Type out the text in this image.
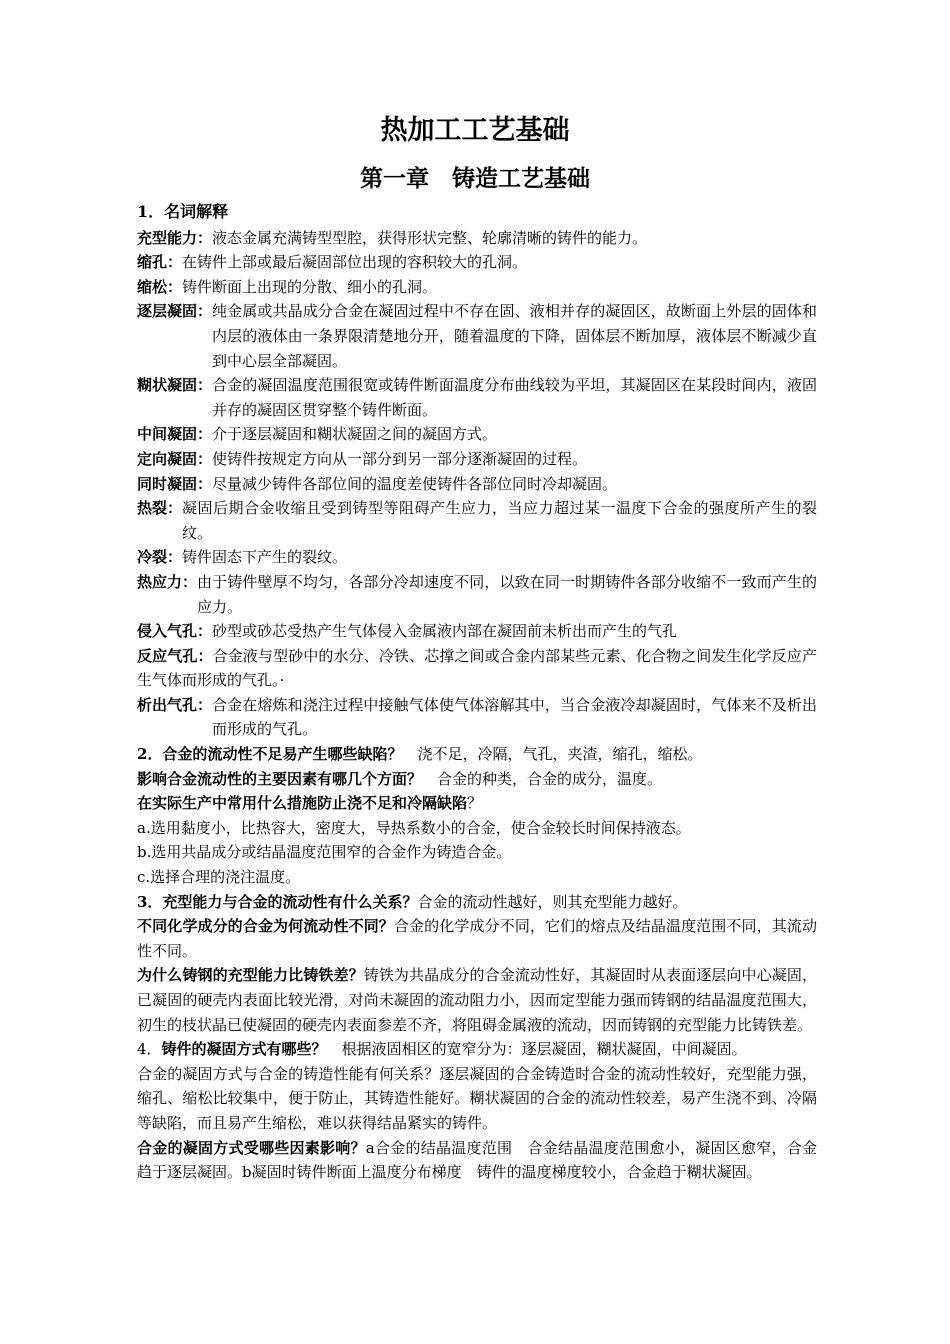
热加工工艺基础
第一章　铸造工艺基础
1．名词解释
充型能力： 液态金属充满铸型型腔，获得形状完整、轮廓清晰的铸件的能力。
缩孔： 在铸件上部或最后凝固部位出现的容积较大的孔洞。
缩松： 铸件断面上出现的分散、细小的孔洞。
逐层凝固： 纯金属或共晶成分合金在凝固过程中不存在固、液相并存的凝固区，故断面上外层的固体和内层的液体由一条界限清楚地分开，随着温度的下降，固体层不断加厚，液体层不断减少直到中心层全部凝固。
糊状凝固： 合金的凝固温度范围很宽或铸件断面温度分布曲线较为平坦，其凝固区在某段时间内，液固并存的凝固区贯穿整个铸件断面。
中间凝固： 介于逐层凝固和糊状凝固之间的凝固方式。
定向凝固： 使铸件按规定方向从一部分到另一部分逐渐凝固的过程。
同时凝固： 尽量减少铸件各部位间的温度差使铸件各部位同时冷却凝固。
热裂： 凝固后期合金收缩且受到铸型等阻碍产生应力，当应力超过某一温度下合金的强度所产生的裂纹。
冷裂： 铸件固态下产生的裂纹。
热应力： 由于铸件壁厚不均匀，各部分冷却速度不同，以致在同一时期铸件各部分收缩不一致而产生的应力。
侵入气孔： 砂型或砂芯受热产生气体侵入金属液内部在凝固前未析出而产生的气孔

反应气孔：合金液与型砂中的水分、冷铁、芯撑之间或合金内部某些元素、化合物之间发生化学反应产生气体而形成的气孔。·

析出气孔： 合金在熔炼和浇注过程中接触气体使气体溶解其中，当合金液冷却凝固时，气体来不及析出而形成的气孔。

2．合金的流动性不足易产生哪些缺陷？　浇不足，冷隔，气孔，夹渣，缩孔，缩松。

影响合金流动性的主要因素有哪几个方面？　合金的种类，合金的成分，温度。

在实际生产中常用什么措施防止浇不足和冷隔缺陷？

a.选用黏度小，比热容大，密度大，导热系数小的合金，使合金较长时间保持液态。

b.选用共晶成分或结晶温度范围窄的合金作为铸造合金。

c.选择合理的浇注温度。

3．充型能力与合金的流动性有什么关系？合金的流动性越好，则其充型能力越好。

不同化学成分的合金为何流动性不同？合金的化学成分不同，它们的熔点及结晶温度范围不同，其流动性不同。

为什么铸钢的充型能力比铸铁差？铸铁为共晶成分的合金流动性好，其凝固时从表面逐层向中心凝固，已凝固的硬壳内表面比较光滑，对尚未凝固的流动阻力小，因而定型能力强而铸钢的结晶温度范围大，初生的枝状晶已使凝固的硬壳内表面参差不齐，将阻碍金属液的流动，因而铸钢的充型能力比铸铁差。

4．铸件的凝固方式有哪些？　根据液固相区的宽窄分为：逐层凝固，糊状凝固，中间凝固。

合金的凝固方式与合金的铸造性能有何关系？逐层凝固的合金铸造时合金的流动性较好，充型能力强，缩孔、缩松比较集中，便于防止，其铸造性能好。糊状凝固的合金的流动性较差，易产生浇不到、冷隔等缺陷，而且易产生缩松，难以获得结晶紧实的铸件。

合金的凝固方式受哪些因素影响？a合金的结晶温度范围　合金结晶温度范围愈小，凝固区愈窄，合金趋于逐层凝固。b凝固时铸件断面上温度分布梯度　铸件的温度梯度较小，合金趋于糊状凝固。
